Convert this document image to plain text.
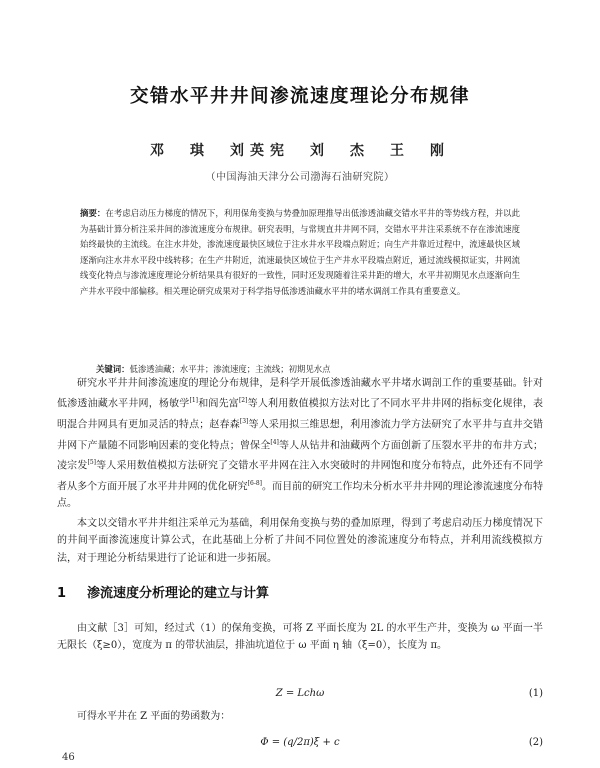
交错水平井井间渗流速度理论分布规律
邓　琪　刘英宪　刘　杰　王　刚
（中国海油天津分公司渤海石油研究院）
摘要：在考虑启动压力梯度的情况下，利用保角变换与势叠加原理推导出低渗透油藏交错水平井的等势线方程，并以此为基础计算分析注采井间的渗流速度分布规律。研究表明，与常规直井井网不同，交错水平井注采系统不存在渗流速度始终最快的主流线。在注水井处，渗流速度最快区域位于注水井水平段端点附近；向生产井靠近过程中，流速最快区域逐渐向注水井水平段中线转移；在生产井附近，流速最快区域位于生产井水平段端点附近，通过流线模拟证实，井网流线变化特点与渗流速度理论分析结果具有很好的一致性，同时还发现随着注采井距的增大，水平井初期见水点逐渐向生产井水平段中部偏移。相关理论研究成果对于科学指导低渗透油藏水平井的堵水调剖工作具有重要意义。
关键词：低渗透油藏；水平井；渗流速度；主流线；初期见水点

研究水平井井间渗流速度的理论分布规律，是科学开展低渗透油藏水平井堵水调剖工作的重要基础。针对低渗透油藏水平井网，杨敏学[1]和阎先富[2]等人利用数值模拟方法对比了不同水平井井网的指标变化规律，表明混合井网具有更加灵活的特点；赵春森[3]等人采用拟三维思想，利用渗流力学方法研究了水平井与直井交错井网下产量随不同影响因素的变化特点；曾保全[4]等人从钻井和油藏两个方面创新了压裂水平井的布井方式；凌宗发[5]等人采用数值模拟方法研究了交错水平井网在注入水突破时的井网饱和度分布特点，此外还有不同学者从多个方面开展了水平井井网的优化研究[6-8]。而目前的研究工作均未分析水平井井网的理论渗流速度分布特点。

本文以交错水平井井组注采单元为基础，利用保角变换与势的叠加原理，得到了考虑启动压力梯度情况下的井间平面渗流速度计算公式，在此基础上分析了井间不同位置处的渗流速度分布特点，并利用流线模拟方法，对于理论分析结果进行了论证和进一步拓展。

1 渗流速度分析理论的建立与计算

由文献［3］可知，经过式（1）的保角变换，可将 Z 平面长度为 2L 的水平生产井，变换为 ω 平面一半无限长（ξ≥0），宽度为 π 的带状油层，排油坑道位于 ω 平面 η 轴（ξ=0），长度为 π。

Z = Lchω	(1)

可得水平井在 Z 平面的势函数为：

Φ = (q/2π)ξ + c	(2)
46
